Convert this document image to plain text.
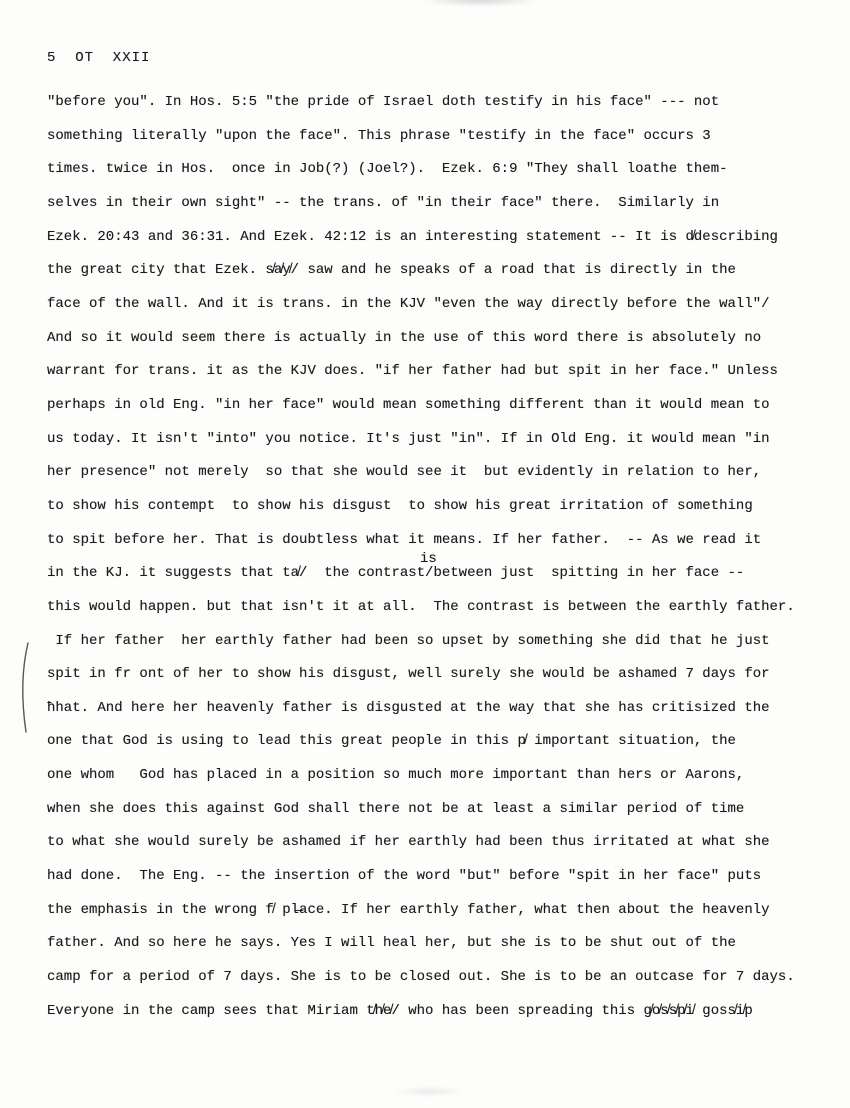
5  OT  XXII
"before you". In Hos. 5:5 "the pride of Israel doth testify in his face" --- not
something literally "upon the face". This phrase "testify in the face" occurs 3
times. twice in Hos.  once in Job(?) (Joel?).  Ezek. 6:9 "They shall loathe them-
selves in their own sight" -- the trans. of "in their face" there.  Similarly in
Ezek. 20:43 and 36:31. And Ezek. 42:12 is an interesting statement -- It is d̸describing
the great city that Ezek. s̸a̸y̸/ saw and he speaks of a road that is directly in the
face of the wall. And it is trans. in the KJV "even the way directly before the wall"/
And so it would seem there is actually in the use of this word there is absolutely no
warrant for trans. it as the KJV does. "if her father had but spit in her face." Unless
perhaps in old Eng. "in her face" would mean something different than it would mean to
us today. It isn't "into" you notice. It's just "in". If in Old Eng. it would mean "in
her presence" not merely  so that she would see it  but evidently in relation to her,
to show his contempt  to show his disgust  to show his great irritation of something
to spit before her. That is doubtless what it means. If her father.  -- As we read it
in the KJ. it suggests that ta̸/  the contrast/between just  spitting in her face --
this would happen. but that isn't it at all.  The contrast is between the earthly father.
If her father  her earthly father had been so upset by something she did that he just
spit in fr ont of her to show his disgust, well surely she would be ashamed 7 days for
ħhat. And here her heavenly father is disgusted at the way that she has critisized the
one that God is using to lead this great people in this p̸ important situation, the
one whom   God has placed in a position so much more important than hers or Aarons,
when she does this against God shall there not be at least a similar period of time
to what she would surely be ashamed if her earthly had been thus irritated at what she
had done.  The Eng. -- the insertion of the word "but" before "spit in her face" puts
the emphasis in the wrong f̸ pl̶ace. If her earthly father, what then about the heavenly
father. And so here he says. Yes I will heal her, but she is to be shut out of the
camp for a period of 7 days. She is to be closed out. She is to be an outcase for 7 days.
Everyone in the camp sees that Miriam t̸h̸e̸/ who has been spreading this g̸o̸s̸s̸p̸i̸ goss̸i̸p
is
